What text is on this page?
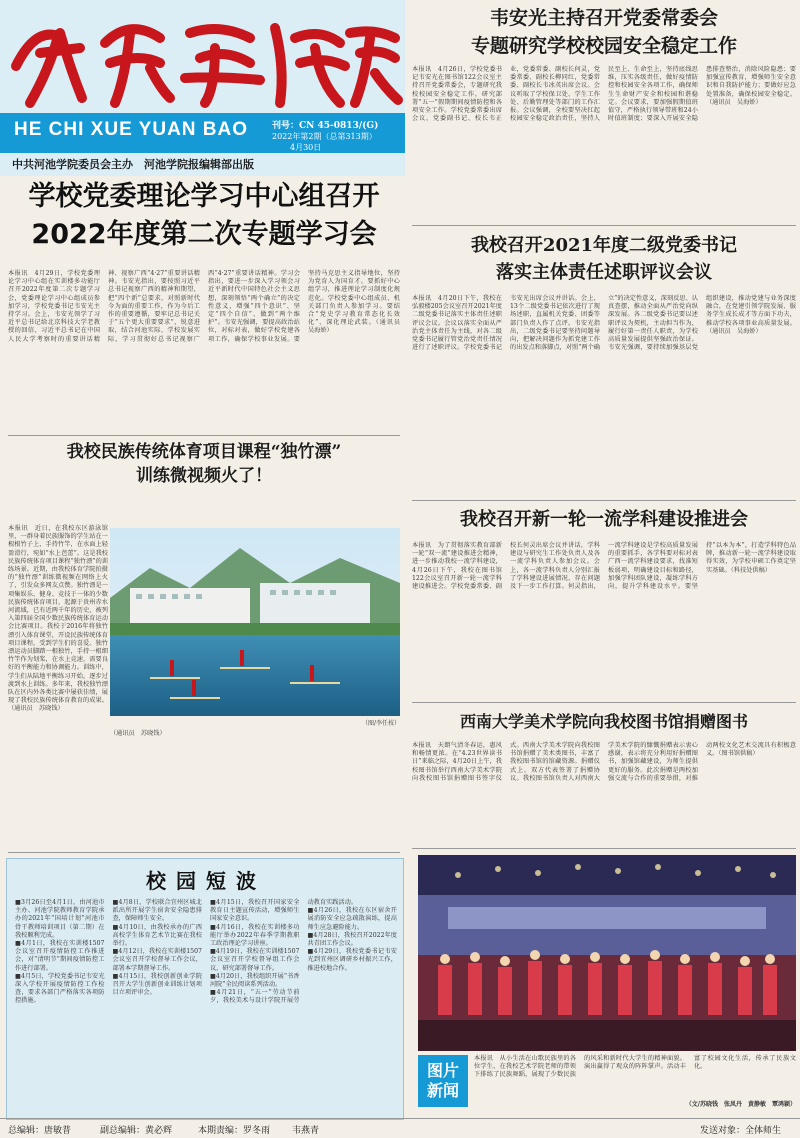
HE CHI XUE YUAN BAO	刊号：CN 45-0813/(G)
2022年第2期（总第313期）
4月30日
中共河池学院委员会主办　河池学院报编辑部出版
学校党委理论学习中心组召开
2022年度第二次专题学习会
本报讯　4月29日，学校党委理论学习中心组在实训楼多功能厅召开2022年度第二次专题学习会，党委理论学习中心组成员参加学习，学校党委书记韦安光主持学习。会上，韦安光领学了习近平总书记给北京科技大学老教授的回信、习近平总书记在中国人民大学考察时的重要讲话精神、视察广西“4·27”重要讲话精神。韦安光指出，要按照习近平总书记视察广西的精神和期望，把“四个新”总要求，对照新时代今为面的重要工作，作为今后工作的重要遵循，要牢记总书记关于“五个更大重要要求”，锐意进取，结合河池实际、学校发展实际，学习贯彻好总书记视察广西“4·27”重要讲话精神。学习会指出，要进一步深入学习领会习近平新时代中国特色社会主义思想，深刻领悟“两个确立”的决定性意义，增强“四个意识”、坚定“四个自信”、做到“两个维护”。韦安光强调，要提高政治站位，对标对表，做好学校党建各项工作，确保学校事业发展。要坚持马克思主义指导地位，坚持为党育人为国育才。要抓好中心组学习，推进理论学习制度化规范化。学校党委中心组成员、机关部门负责人参加学习。要结合“党史学习教育常态化长效化”，深化理论武装。（通讯员　吴海娇）
韦安光主持召开党委常委会
专题研究学校校园安全稳定工作
本报讯　4月26日，学校党委书记韦安光在图书馆122会议室主持召开党委常委会，专题研究我校校园安全稳定工作，研究部署“五一”假期期间疫情防控和各项安全工作。学校党委常委出席会议，党委副书记、校长韦正业，党委常委、副校长何灵，党委常委、副校长柳同红，党委常委、副校长韦冰英出席会议。会议听取了学校保卫处、学生工作处、后勤管理处等部门的工作汇报。会议强调，全校要坚决扛起校园安全稳定政治责任，坚持人民至上、生命至上，坚持底线思维，压实各级责任，做好疫情防控和校园安全各项工作，确保师生生命财产安全和校园和谐稳定。会议要求，要加强假期值班值守，严格执行领导带班和24小时值班制度；要深入开展安全隐患排查整治，消除风险隐患；要加强宣传教育，增强师生安全意识和自我防护能力；要做好应急处置准备，确保校园安全稳定。（通讯员　吴海娇）
我校召开2021年度二级党委书记
落实主体责任述职评议会议
本报讯　4月20日下午，我校在弘毅楼205会议室召开2021年度二级党委书记落实主体责任述职评议会议。会议以落实全面从严治党主体责任为主线，对各二级党委书记履行管党治党责任情况进行了述职评议。学校党委书记韦安光出席会议并讲话。会上，13个二级党委书记依次进行了现场述职，直属机关党委、团委等部门负责人作了点评。韦安光指出，二级党委书记要坚持问题导向，把解决问题作为抓党建工作的出发点和落脚点，对照“两个确立”的决定性意义，深刻反思、认真查摆，推动全面从严治党向纵深发展。各二级党委书记要以述职评议为契机，主动担当作为，履行好第一责任人职责，为学校高质量发展提供坚强政治保证。韦安光强调，要持续加强基层党组织建设，推动党建与业务深度融合，在党建引领学院发展、服务学生成长成才等方面下功夫，推动学校各项事业高质量发展。（通讯员　吴海娇）
我校民族传统体育项目课程“独竹漂”
训练微视频火了！
本报讯　近日，在我校东区游泳馆里，一群身着民族服饰的学生站在一根根竹子上，手持竹竿，在水面上轻盈滑行，宛如“水上芭蕾”。这是我校民族传统体育项目课程“独竹漂”的训练场景。近期，由我校体育学院拍摄的“独竹漂”训练微视频在网络上火了，引发众多网友点赞。独竹漂是一项集娱乐、健身、竞技于一体的少数民族传统体育项目，起源于贵州赤水河流域，已有近两千年的历史，被列入第四届全国少数民族传统体育运动会比赛项目。我校于2016年将独竹漂引入体育课堂，开设民族传统体育项目课程，受到学生们的喜爱。独竹漂运动员脚踏一根独竹，手持一根细竹竿作为划桨，在水上竞速，需要良好的平衡能力和协调能力。训练中，学生们从陆地平衡练习开始，逐步过渡到水上训练。多年来，我校独竹漂队在区内外各类比赛中屡获佳绩，展现了我校民族传统体育教育的成果。（通讯员　苏晓钱）
（图/李任枝）
（通讯员　苏晓钱）
我校召开新一轮一流学科建设推进会
本报讯　为了贯彻落实教育部新一轮“双一流”建设推进会精神，进一步推动我校一流学科建设，4月26日下午，我校在图书馆122会议室召开新一轮一流学科建设推进会。学校党委常委、副校长何灵出席会议并讲话，学科建设与研究生工作处负责人及各一流学科负责人参加会议。会上，各一流学科负责人分别汇报了学科建设进展情况、存在问题及下一步工作打算。何灵指出，一流学科建设是学校高质量发展的重要抓手，各学科要对标对表广西一流学科建设要求，找准短板弱项，明确建设目标和路径，加强学科团队建设，凝练学科方向，提升学科建设水平。要坚持“以本为本”，打造学科特色品牌，推动新一轮一流学科建设取得实效，为学校申硕工作奠定坚实基础。（科技处供稿）
西南大学美术学院向我校图书馆捐赠图书
本报讯　天朗气清冬春运，惠风和畅情更浓。在“4.23世界读书日”来临之际，4月20日上午，我校图书馆举行西南大学美术学院向我校图书馆捐赠图书签字仪式。西南大学美术学院向我校图书馆捐赠了美术类图书，丰富了我校图书馆的馆藏资源。捐赠仪式上，双方代表签署了捐赠协议。我校图书馆负责人对西南大学美术学院的慷慨捐赠表示衷心感谢，表示将充分利用好捐赠图书，加强馆藏建设，为师生提供更好的服务。此次捐赠是两校加强交流与合作的重要举措，对推动两校文化艺术交流具有积极意义。（图书馆供稿）
校园短波

■3月26日至4月1日，由河池市主办、河池学院教师教育学院承办的2021年“国培计划”河池市骨干教师培训项目（第二期）在我校顺利完成。

■4月1日，我校在实训楼1507会议室召开疫情防控工作推进会，对“清明节”期间疫情防控工作进行部署。

■4月5日，学校党委书记韦安光深入学校开展疫情防控工作检查，要求各部门严格落实各项防控措施。

■4月8日，学校联合宜州区城北派出所开展学生宿舍安全隐患排查，保障师生安全。

■4月10日，由我校承办的广西高校学生体育艺术节比赛在我校举行。

■4月12日，我校在实训楼1507会议室召开学校督导工作会议，部署本学期督导工作。

■4月15日，我校创新创业学院召开大学生创新创业训练计划项目立项评审会。

■4月15日，我校召开国家安全教育日主题宣传活动，增强师生国家安全意识。

■4月16日，我校在实训楼多功能厅举办2022年春季学期教职工政治理论学习讲座。

■4月19日，我校在实训楼1507会议室召开学校督导组工作会议，研究部署督导工作。

■4月20日，我校组织开展“书香河院”全民阅读系列活动。

■4月21日，“五一”劳动节前夕，我校美术与设计学院开展劳动教育实践活动。

■4月26日，我校在东区宿舍开展消防安全应急疏散演练，提高师生应急避险能力。

■4月28日，我校召开2022年度共青团工作会议。

■4月29日，我校党委书记韦安光到宜州区调研乡村振兴工作，推进校地合作。

图片新闻
本报讯　从小生活在山歌民族里的各位学生，在我校艺术学院老师的带领下排练了民族舞蹈，展现了少数民族的风采和新时代大学生的精神面貌。演出赢得了观众的阵阵掌声。活动丰富了校园文化生活，传承了民族文化。
（文/苏晓钱　张凤丹　黄静敏　覃鸿颖）
总编辑：唐敏普	副总编辑：黄必辉	本期责编：罗冬雨 韦燕青	发送对象：全体师生
